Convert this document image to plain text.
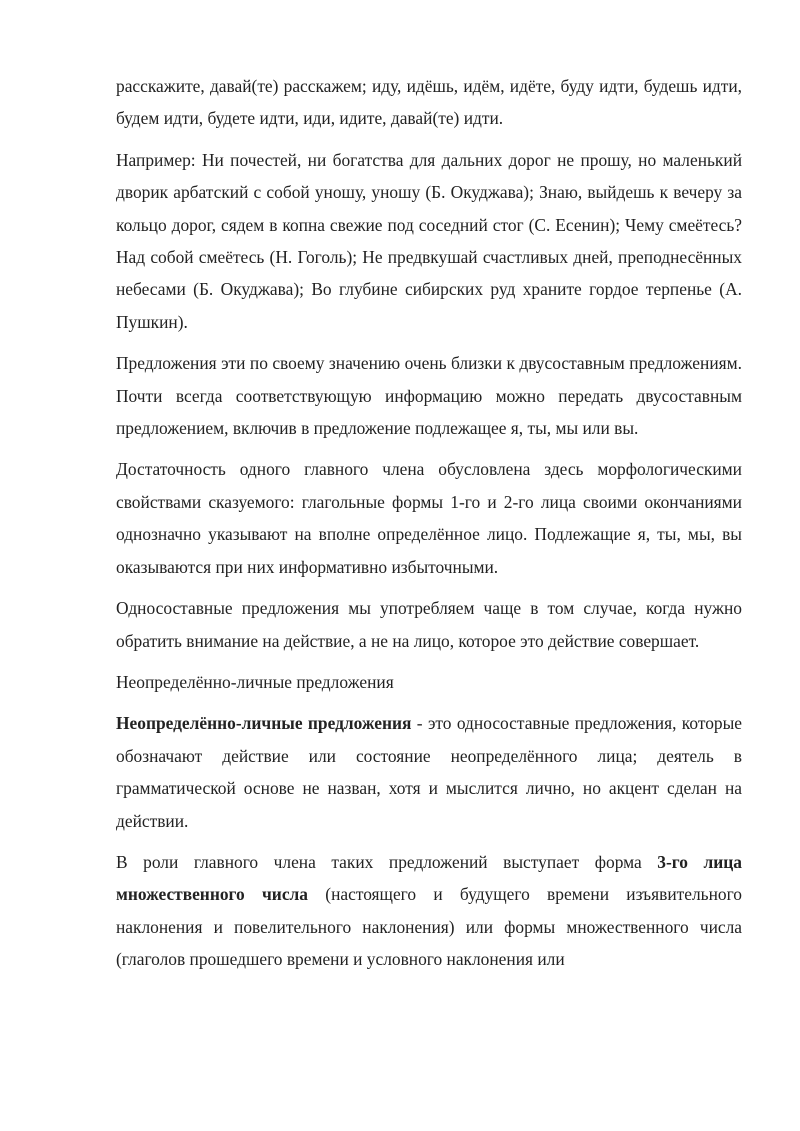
расскажите, давай(те) расскажем; иду, идёшь, идём, идёте, буду идти, будешь идти, будем идти, будете идти, иди, идите, давай(те) идти.

Например: Ни почестей, ни богатства для дальних дорог не прошу, но маленький дворик арбатский с собой уношу, уношу (Б. Окуджава); Знаю, выйдешь к вечеру за кольцо дорог, сядем в копна свежие под соседний стог (С. Есенин); Чему смеётесь? Над собой смеётесь (Н. Гоголь); Не предвкушай счастливых дней, преподнесённых небесами (Б. Окуджава); Во глубине сибирских руд храните гордое терпенье (А. Пушкин).

Предложения эти по своему значению очень близки к двусоставным предложениям. Почти всегда соответствующую информацию можно передать двусоставным предложением, включив в предложение подлежащее я, ты, мы или вы.

Достаточность одного главного члена обусловлена здесь морфологическими свойствами сказуемого: глагольные формы 1-го и 2-го лица своими окончаниями однозначно указывают на вполне определённое лицо. Подлежащие я, ты, мы, вы оказываются при них информативно избыточными.

Односоставные предложения мы употребляем чаще в том случае, когда нужно обратить внимание на действие, а не на лицо, которое это действие совершает.

Неопределённо-личные предложения

Неопределённо-личные предложения - это односоставные предложения, которые обозначают действие или состояние неопределённого лица; деятель в грамматической основе не назван, хотя и мыслится лично, но акцент сделан на действии.

В роли главного члена таких предложений выступает форма 3-го лица множественного числа (настоящего и будущего времени изъявительного наклонения и повелительного наклонения) или формы множественного числа (глаголов прошедшего времени и условного наклонения или
